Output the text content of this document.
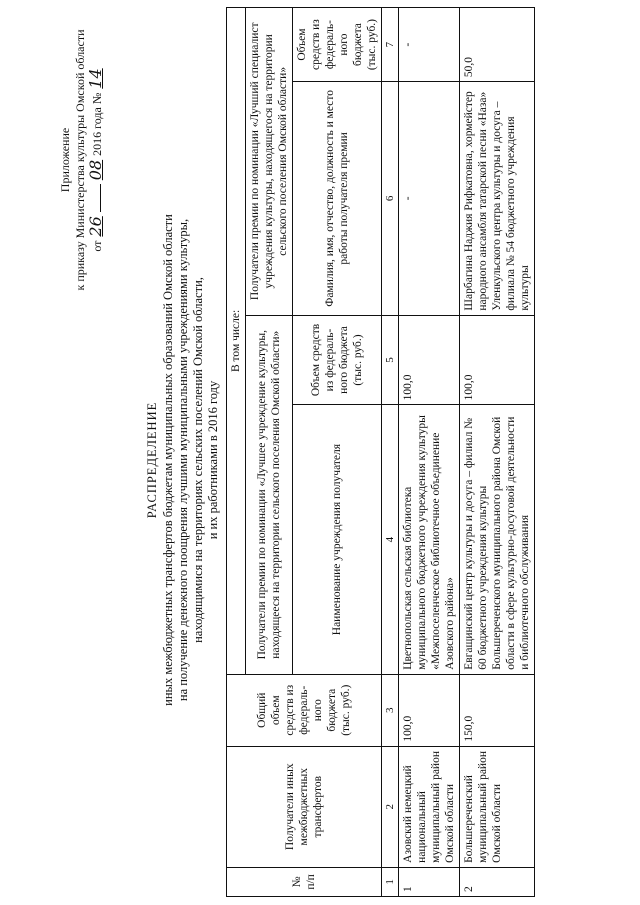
Приложение к приказу Министерства культуры Омской области от
26
08
2016 года №
14
РАСПРЕДЕЛЕНИЕ иных межбюджетных трансфертов бюджетам муниципальных образований Омской области на получение денежного поощрения лучшими муниципальными учреждениями культуры, находящимися на территориях сельских поселений Омской области, и их работниками в 2016 году
№ п/п	Получатели иных межбюджетных трансфертов	Общий объем средств из федераль-ного бюджета (тыс. руб.)	В том числе:			
			Получатели премии по номинации «Лучшее учреждение культуры, находящееся на территории сельского поселения Омской области»		Получатели премии по номинации «Лучший специалист учреждения культуры, находящегося на территории сельского поселения Омской области»	
			Наименование учреждения получателя	Объем средств из федераль-ного бюджета (тыс. руб.)	Фамилия, имя, отчество, должность и место работы получателя премии	Объем средств из федераль-ного бюджета (тыс. руб.)
1	2	3	4	5	6	7
1	Азовский немецкий национальный муниципальный район Омской области	100,0	Цветнопольская сельская библиотека муниципального бюджетного учреждения культуры «Межпоселенческое библиотечное объединение Азовского района»	100,0	-	-
2	Большереченский муниципальный район Омской области	150,0	Евгащинский центр культуры и досуга – филиал № 60 бюджетного учреждения культуры Большереченского муниципального района Омской области в сфере культурно-досуговой деятельности и библиотечного обслуживания	100,0	Шарбагина Наджия Рифкатовна, хормейстер народного ансамбля татарской песни «Наза» Уленкульского центра культуры и досуга – филиала № 54 бюджетного учреждения культуры	50,0
